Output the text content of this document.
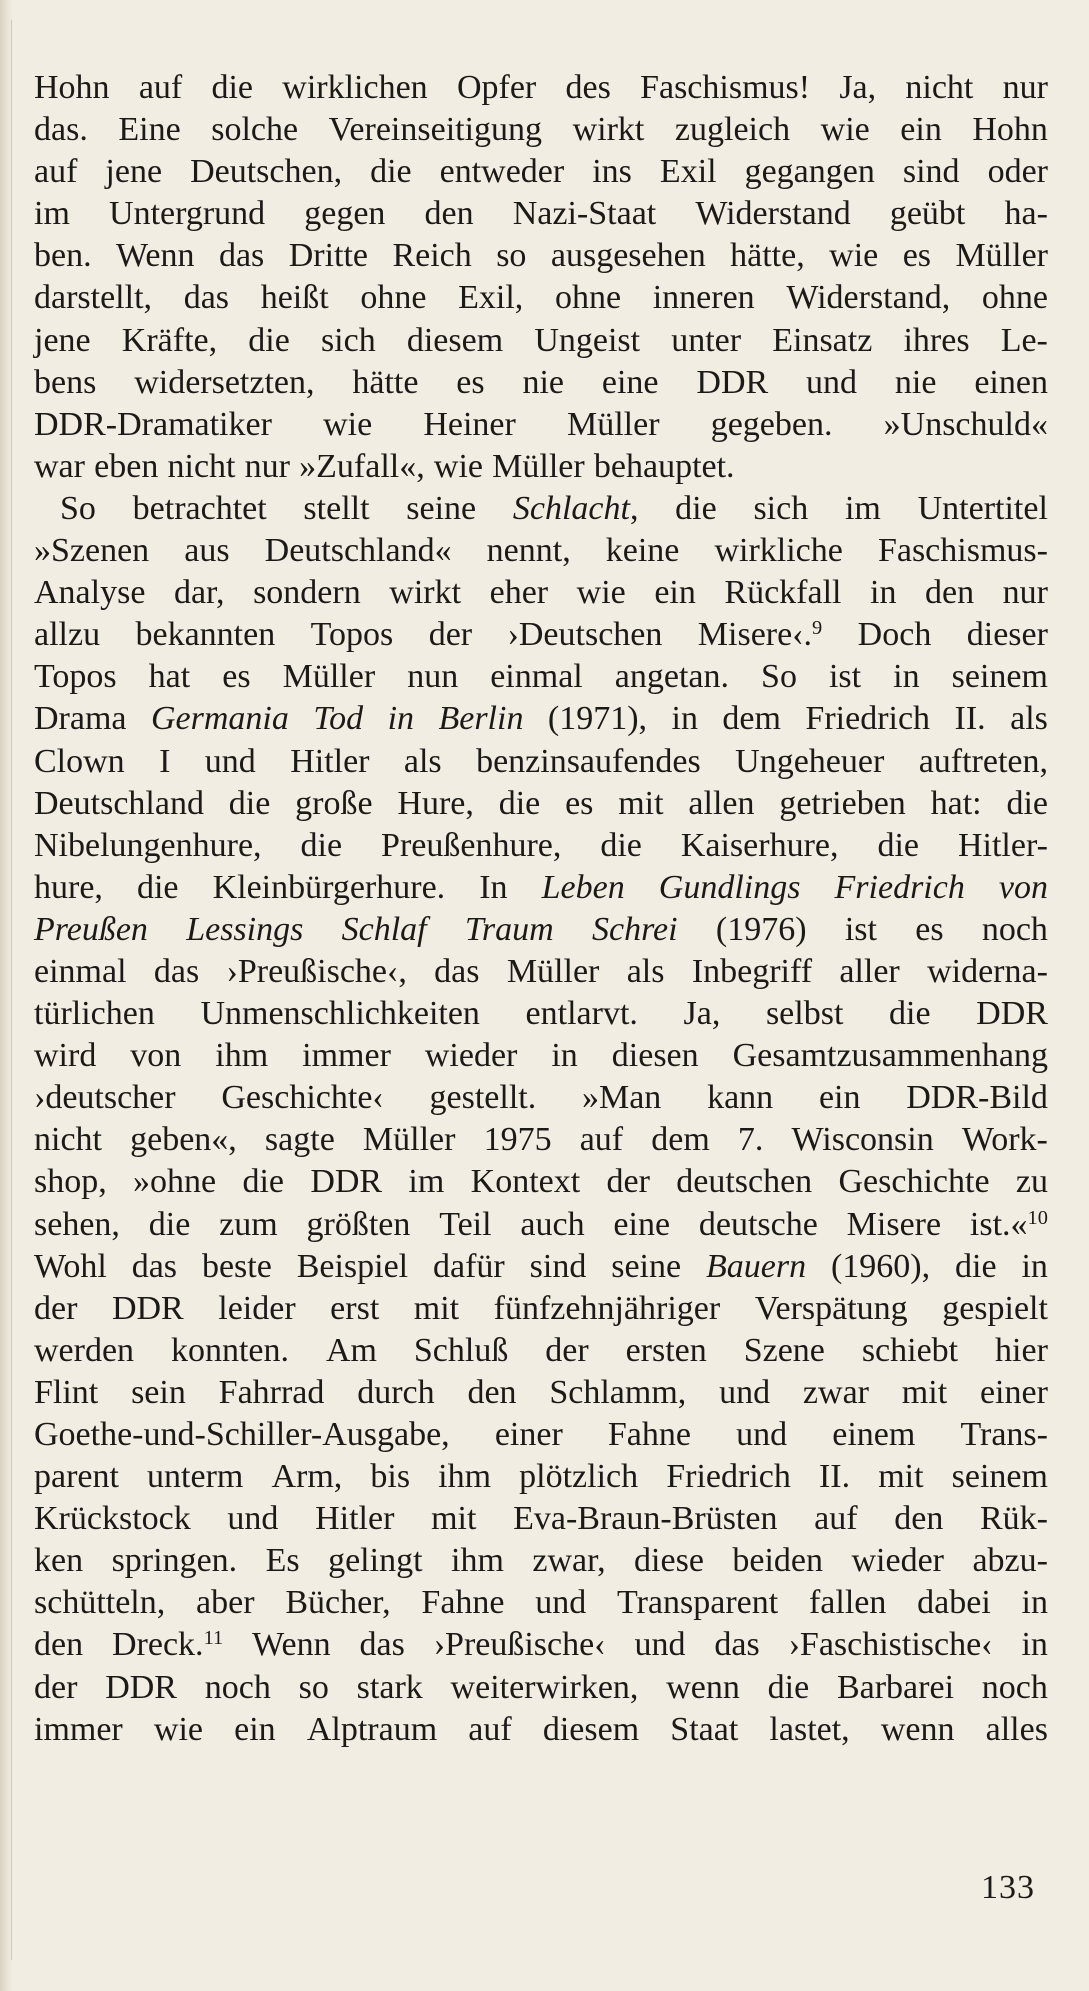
Hohn auf die wirklichen Opfer des Faschismus! Ja, nicht nur
das. Eine solche Vereinseitigung wirkt zugleich wie ein Hohn
auf jene Deutschen, die entweder ins Exil gegangen sind oder
im Untergrund gegen den Nazi-Staat Widerstand geübt ha-
ben. Wenn das Dritte Reich so ausgesehen hätte, wie es Müller
darstellt, das heißt ohne Exil, ohne inneren Widerstand, ohne
jene Kräfte, die sich diesem Ungeist unter Einsatz ihres Le-
bens widersetzten, hätte es nie eine DDR und nie einen
DDR-Dramatiker wie Heiner Müller gegeben. »Unschuld«
war eben nicht nur »Zufall«, wie Müller behauptet.
So betrachtet stellt seine Schlacht, die sich im Untertitel
»Szenen aus Deutschland« nennt, keine wirkliche Faschismus-
Analyse dar, sondern wirkt eher wie ein Rückfall in den nur
allzu bekannten Topos der ›Deutschen Misere‹.$^9$ Doch dieser
Topos hat es Müller nun einmal angetan. So ist in seinem
Drama Germania Tod in Berlin (1971), in dem Friedrich II. als
Clown I und Hitler als benzinsaufendes Ungeheuer auftreten,
Deutschland die große Hure, die es mit allen getrieben hat: die
Nibelungenhure, die Preußenhure, die Kaiserhure, die Hitler-
hure, die Kleinbürgerhure. In Leben Gundlings Friedrich von
Preußen Lessings Schlaf Traum Schrei (1976) ist es noch
einmal das ›Preußische‹, das Müller als Inbegriff aller widerna-
türlichen Unmenschlichkeiten entlarvt. Ja, selbst die DDR
wird von ihm immer wieder in diesen Gesamtzusammenhang
›deutscher Geschichte‹ gestellt. »Man kann ein DDR-Bild
nicht geben«, sagte Müller 1975 auf dem 7. Wisconsin Work-
shop, »ohne die DDR im Kontext der deutschen Geschichte zu
sehen, die zum größten Teil auch eine deutsche Misere ist.«$^{10}$
Wohl das beste Beispiel dafür sind seine Bauern (1960), die in
der DDR leider erst mit fünfzehnjähriger Verspätung gespielt
werden konnten. Am Schluß der ersten Szene schiebt hier
Flint sein Fahrrad durch den Schlamm, und zwar mit einer
Goethe-und-Schiller-Ausgabe, einer Fahne und einem Trans-
parent unterm Arm, bis ihm plötzlich Friedrich II. mit seinem
Krückstock und Hitler mit Eva-Braun-Brüsten auf den Rük-
ken springen. Es gelingt ihm zwar, diese beiden wieder abzu-
schütteln, aber Bücher, Fahne und Transparent fallen dabei in
den Dreck.$^{11}$ Wenn das ›Preußische‹ und das ›Faschistische‹ in
der DDR noch so stark weiterwirken, wenn die Barbarei noch
immer wie ein Alptraum auf diesem Staat lastet, wenn alles
133
